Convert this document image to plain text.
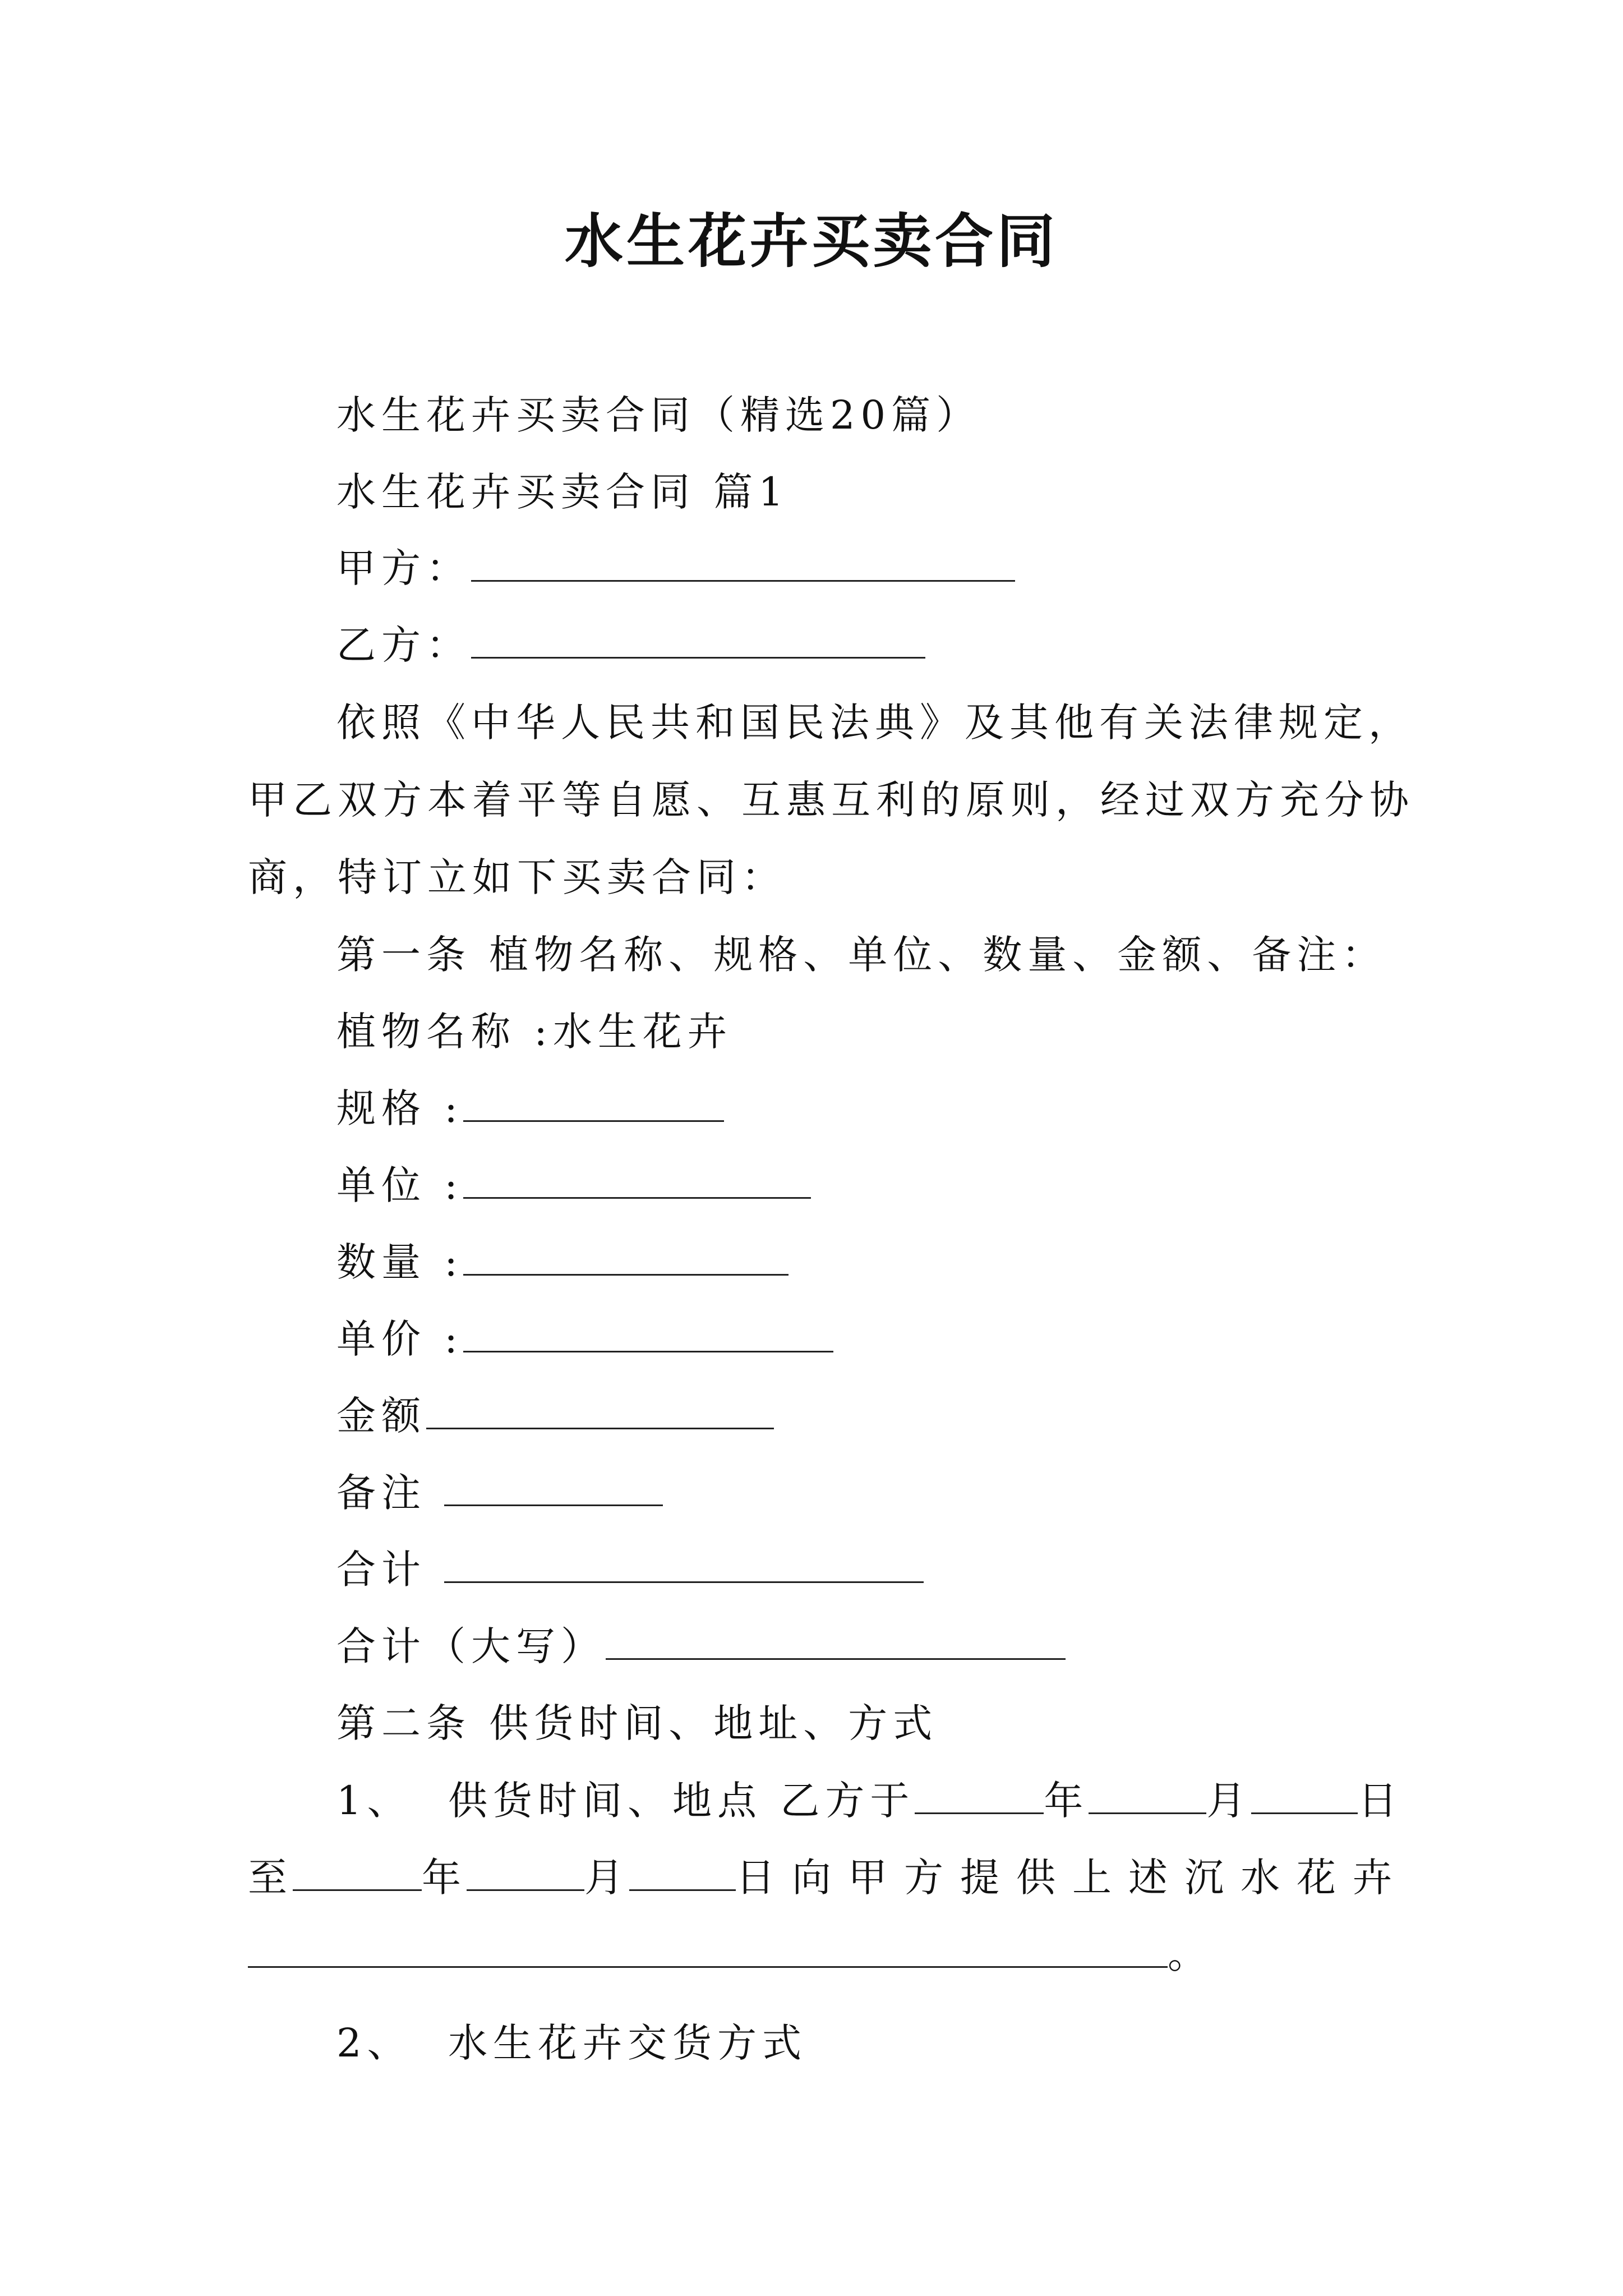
水生花卉买卖合同
水生花卉买卖合同（精选20篇）
水生花卉买卖合同 篇1
甲方：
乙方：
依照《中华人民共和国民法典》及其他有关法律规定，
甲乙双方本着平等自愿、互惠互利的原则，经过双方充分协
商，特订立如下买卖合同：
第一条 植物名称、规格、单位、数量、金额、备注：
植物名称 :水生花卉
规格 :
单位 :
数量 :
单价 :
金额
备注
合计
合计（大写）
第二条 供货时间、地址、方式
1、 供货时间、地点 乙方于	年	月	日
至	年	月	日向甲方提供上述沉水花卉
。
2、 水生花卉交货方式
